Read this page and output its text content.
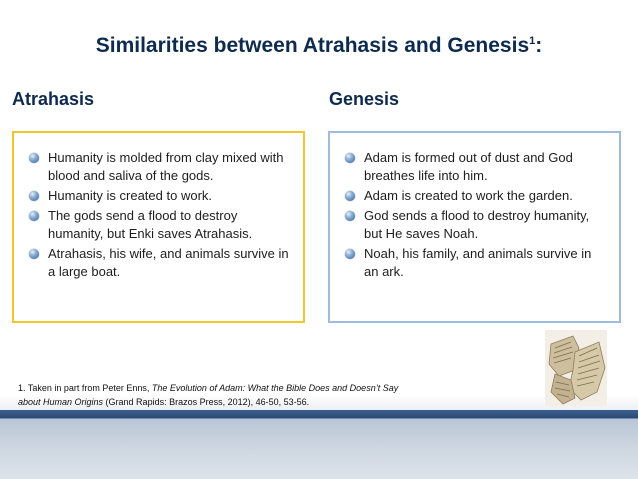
Similarities between Atrahasis and Genesis$^1$:
Atrahasis	Genesis
Humanity is molded from clay mixed with blood and saliva of the gods.
Humanity is created to work.
The gods send a flood to destroy humanity, but Enki saves Atrahasis.
Atrahasis, his wife, and animals survive in a large boat.
Adam is formed out of dust and God breathes life into him.
Adam is created to work the garden.
God sends a flood to destroy humanity, but He saves Noah.
Noah, his family, and animals survive in an ark.
1. Taken in part from Peter Enns, The Evolution of Adam: What the Bible Does and Doesn’t Say about Human Origins (Grand Rapids: Brazos Press, 2012), 46-50, 53-56.
